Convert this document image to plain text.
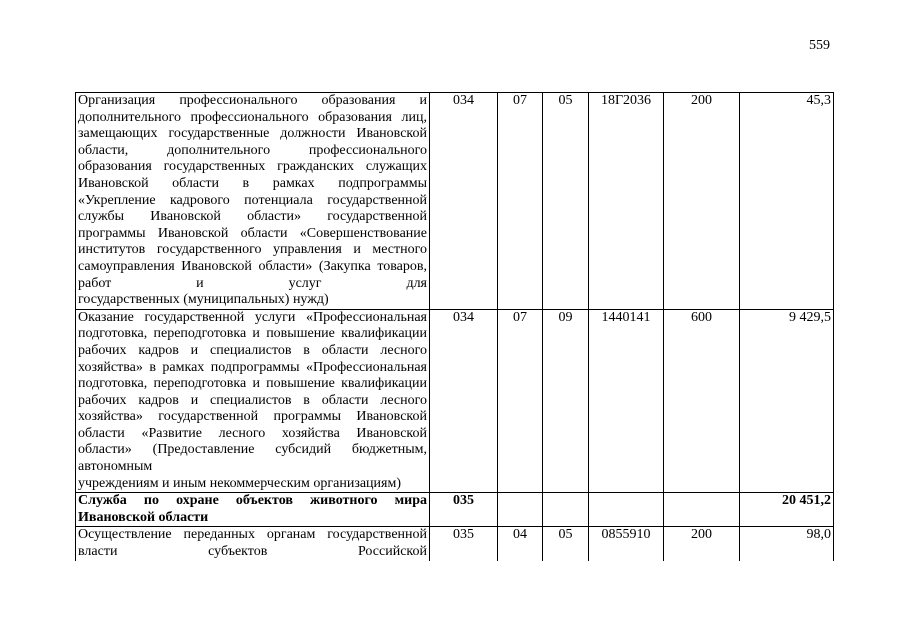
559
Организация профессионального образования и дополнительного профессионального образования лиц, замещающих государственные должности Ивановской области, дополнительного профессионального образования государственных гражданских служащих Ивановской области в рамках подпрограммы «Укрепление кадрового потенциала государственной службы Ивановской области» государственной программы Ивановской области «Совершенствование институтов государственного управления и местного самоуправления Ивановской области» (Закупка товаров, работ и услуг для
государственных (муниципальных) нужд)	034	07	05	18Г2036	200	45,3
Оказание государственной услуги «Профессиональная подготовка, переподготовка и повышение квалификации рабочих кадров и специалистов в области лесного хозяйства» в рамках подпрограммы «Профессиональная подготовка, переподготовка и повышение квалификации рабочих кадров и специалистов в области лесного хозяйства» государственной программы Ивановской области «Развитие лесного хозяйства Ивановской области» (Предоставление субсидий бюджетным, автономным
учреждениям и иным некоммерческим организациям)	034	07	09	1440141	600	9 429,5
Служба по охране объектов животного мира
Ивановской области	035					20 451,2
Осуществление переданных органам государственной власти субъектов Российской	035	04	05	0855910	200	98,0
